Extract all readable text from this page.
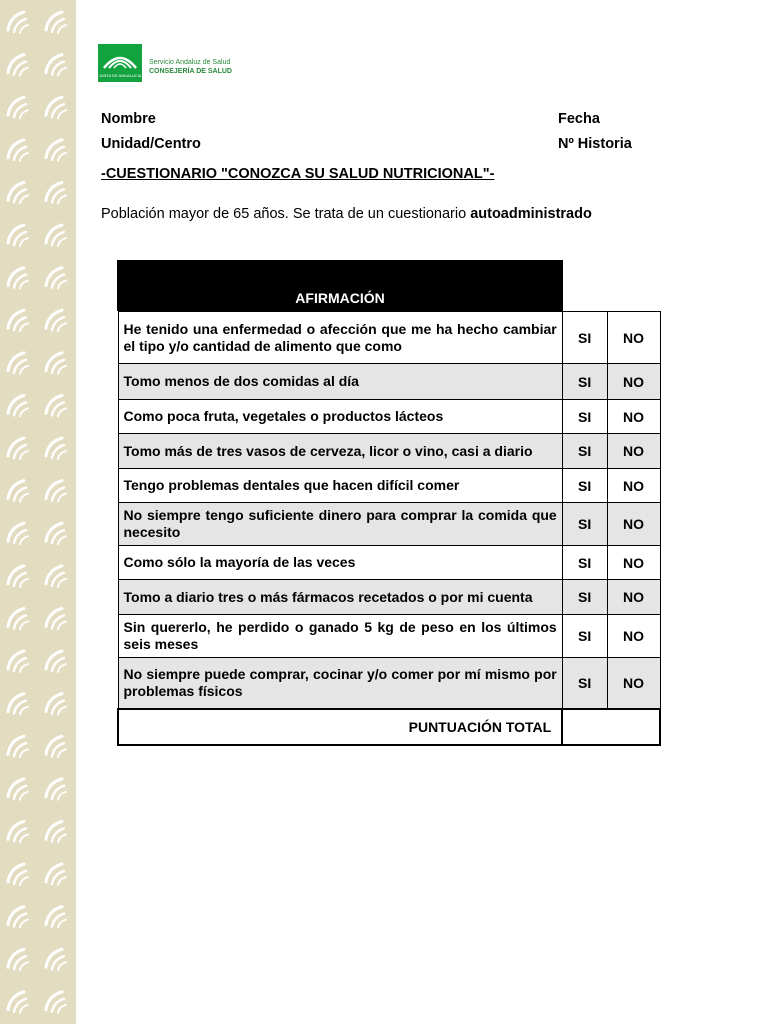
JUNTA DE ANDALUCIA
Servicio Andaluz de Salud
CONSEJERÍA DE SALUD
Nombre	Fecha
Unidad/Centro	Nº Historia
-CUESTIONARIO "CONOZCA SU SALUD NUTRICIONAL"-
Población mayor de 65 años. Se trata de un cuestionario autoadministrado
AFIRMACIÓN
He tenido una enfermedad o afección que me ha hecho cambiar el tipo y/o cantidad de alimento que como	SI	NO
Tomo menos de dos comidas al día	SI	NO
Como poca fruta, vegetales o productos lácteos	SI	NO
Tomo más de tres vasos de cerveza, licor o vino, casi a diario	SI	NO
Tengo problemas dentales que hacen difícil comer	SI	NO
No siempre tengo suficiente dinero para comprar la comida que necesito	SI	NO
Como sólo la mayoría de las veces	SI	NO
Tomo a diario tres o más fármacos recetados o por mi cuenta	SI	NO
Sin quererlo, he perdido o ganado 5 kg de peso en los últimos seis meses	SI	NO
No siempre puede comprar, cocinar y/o comer por mí mismo por problemas físicos	SI	NO
PUNTUACIÓN TOTAL		
